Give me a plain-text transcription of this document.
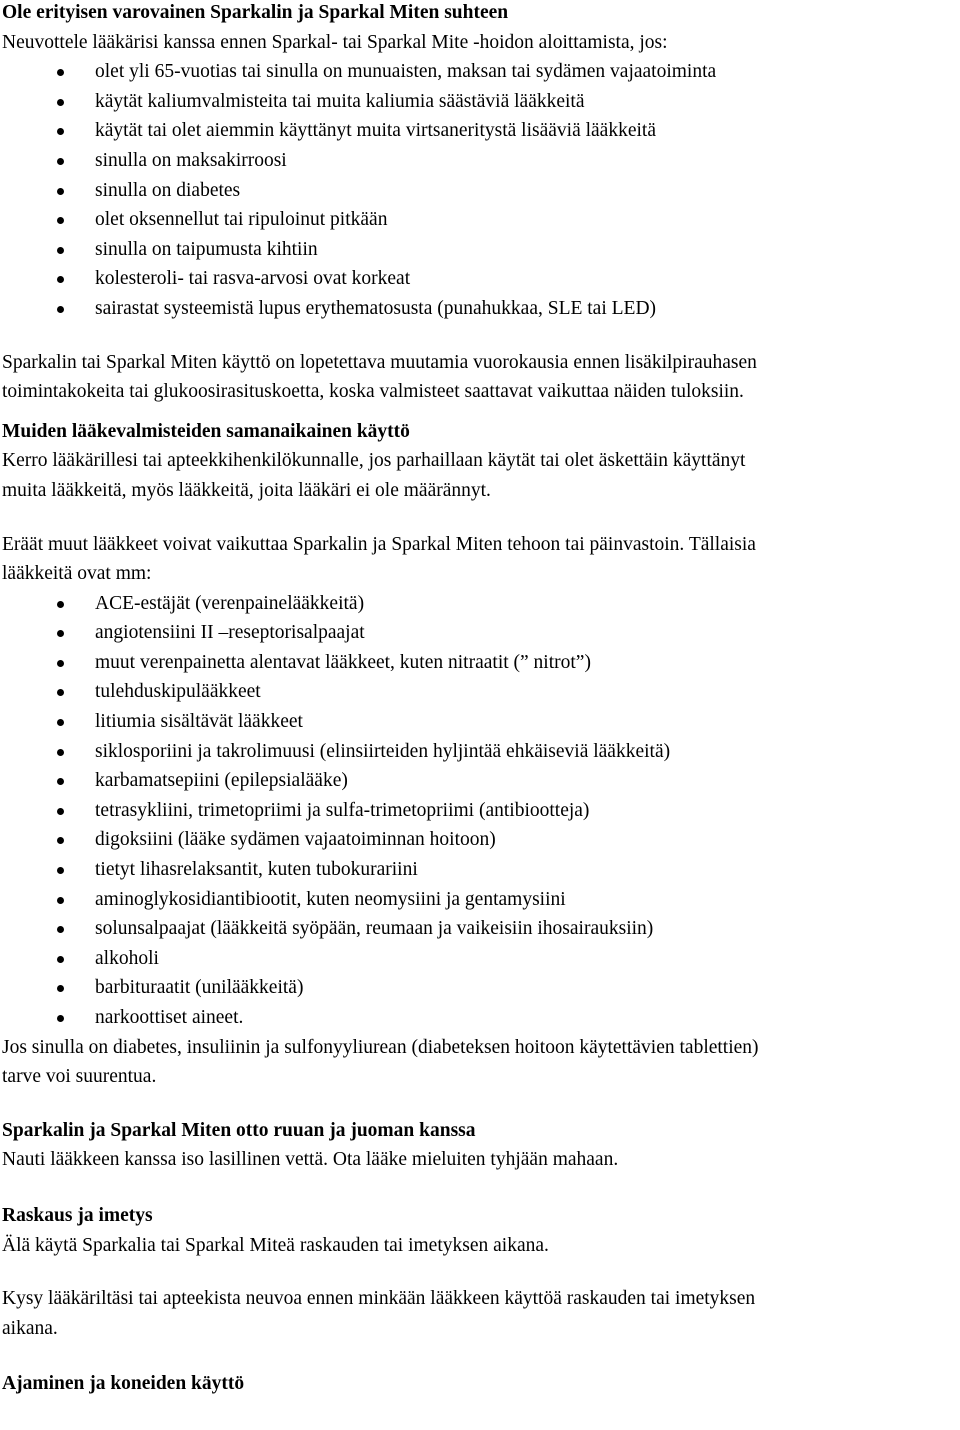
Ole erityisen varovainen Sparkalin ja Sparkal Miten suhteen

Neuvottele lääkärisi kanssa ennen Sparkal- tai Sparkal Mite -hoidon aloittamista, jos:

olet yli 65-vuotias tai sinulla on munuaisten, maksan tai sydämen vajaatoiminta
käytät kaliumvalmisteita tai muita kaliumia säästäviä lääkkeitä
käytät tai olet aiemmin käyttänyt muita virtsaneritystä lisääviä lääkkeitä
sinulla on maksakirroosi
sinulla on diabetes
olet oksennellut tai ripuloinut pitkään
sinulla on taipumusta kihtiin
kolesteroli- tai rasva-arvosi ovat korkeat
sairastat systeemistä lupus erythematosusta (punahukkaa, SLE tai LED)

Sparkalin tai Sparkal Miten käyttö on lopetettava muutamia vuorokausia ennen lisäkilpirauhasen
toimintakokeita tai glukoosirasituskoetta, koska valmisteet saattavat vaikuttaa näiden tuloksiin.

Muiden lääkevalmisteiden samanaikainen käyttö

Kerro lääkärillesi tai apteekkihenkilökunnalle, jos parhaillaan käytät tai olet äskettäin käyttänyt
muita lääkkeitä, myös lääkkeitä, joita lääkäri ei ole määrännyt.

Eräät muut lääkkeet voivat vaikuttaa Sparkalin ja Sparkal Miten tehoon tai päinvastoin. Tällaisia
lääkkeitä ovat mm:

ACE-estäjät (verenpainelääkkeitä)
angiotensiini II –reseptorisalpaajat
muut verenpainetta alentavat lääkkeet, kuten nitraatit (” nitrot”)
tulehduskipulääkkeet
litiumia sisältävät lääkkeet
siklosporiini ja takrolimuusi (elinsiirteiden hyljintää ehkäiseviä lääkkeitä)
karbamatsepiini (epilepsialääke)
tetrasykliini, trimetopriimi ja sulfa-trimetopriimi (antibiootteja)
digoksiini (lääke sydämen vajaatoiminnan hoitoon)
tietyt lihasrelaksantit, kuten tubokurariini
aminoglykosidiantibiootit, kuten neomysiini ja gentamysiini
solunsalpaajat (lääkkeitä syöpään, reumaan ja vaikeisiin ihosairauksiin)
alkoholi
barbituraatit (unilääkkeitä)
narkoottiset aineet.

Jos sinulla on diabetes, insuliinin ja sulfonyyliurean (diabeteksen hoitoon käytettävien tablettien)
tarve voi suurentua.

Sparkalin ja Sparkal Miten otto ruuan ja juoman kanssa

Nauti lääkkeen kanssa iso lasillinen vettä. Ota lääke mieluiten tyhjään mahaan.

Raskaus ja imetys

Älä käytä Sparkalia tai Sparkal Miteä raskauden tai imetyksen aikana.

Kysy lääkäriltäsi tai apteekista neuvoa ennen minkään lääkkeen käyttöä raskauden tai imetyksen
aikana.

Ajaminen ja koneiden käyttö
